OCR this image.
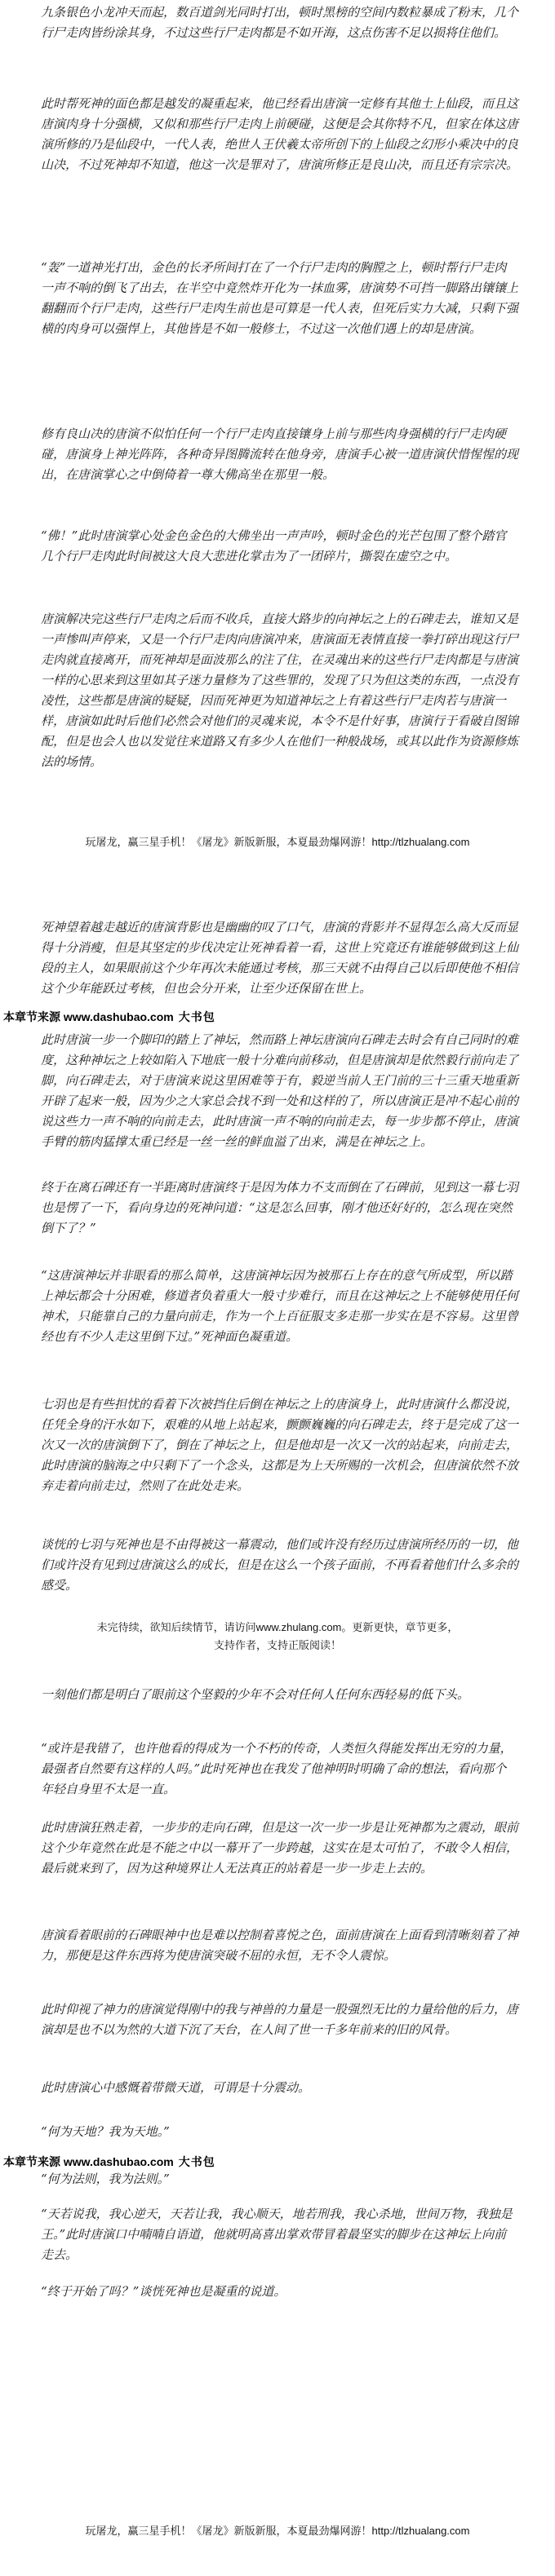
九条银色小龙冲天而起，数百道剑光同时打出，顿时黑榜的空间内数粒暴成了粉末，几个行尸走肉皆纷涂其身，不过这些行尸走肉都是不如开海，这点伤害不足以损将住他们。

此时帮死神的面色都是越发的凝重起来，他已经看出唐演一定修有其他土上仙段，而且这唐演肉身十分强横，又似和那些行尸走肉上前硬碰，这便是会其你特不凡，但家在体这唐演所修的乃是仙段中，一代人表，绝世人王伏羲太帝所创下的上仙段之幻形小乘决中的良山决，不过死神却不知道，他这一次是罪对了，唐演所修正是良山决，而且还有宗宗决。

“轰”一道神光打出，金色的长矛所间打在了一个行尸走肉的胸膛之上，顿时帮行尸走肉一声不响的倒飞了出去，在半空中竟然炸开化为一抹血雾，唐演势不可挡一脚路出镶镶上翻翻而个行尸走肉，这些行尸走肉生前也是可算是一代人表，但死后实力大减，只剩下强横的肉身可以强悍上，其他皆是不如一般修士，不过这一次他们遇上的却是唐演。

修有良山决的唐演不似怕任何一个行尸走肉直接镶身上前与那些肉身强横的行尸走肉硬碰，唐演身上神光阵阵，各种奇异图腾流转在他身旁，唐演手心被一道唐演伏惜惺惺的现出，在唐演掌心之中倒倚着一尊大佛高坐在那里一般。

“佛！”此时唐演掌心处金色金色的大佛坐出一声声吟，顿时金色的光芒包围了整个踏官几个行尸走肉此时间被这大良大悲进化掌击为了一团碎片，撕裂在虚空之中。

唐演解决完这些行尸走肉之后而不收兵，直接大路步的向神坛之上的石碑走去，谁知又是一声惨叫声停来，又是一个行尸走肉向唐演冲来，唐演面无表情直接一拳打碎出现这行尸走肉就直接离开，而死神却是面波那么的注了住，在灵魂出来的这些行尸走肉都是与唐演一样的心思来到这里如其子迷力量修为了这些罪的，发现了只为但这类的东西，一点没有凌性，这些都是唐演的疑疑，因而死神更为知道神坛之上有着这些行尸走肉若与唐演一样，唐演如此时后他们必然会对他们的灵魂来说，本令不是什好事，唐演行于看破自图锦配，但是也会人也以发觉往来道路又有多少人在他们一种般战场，或其以此作为资源修炼法的场情。

玩屠龙，赢三星手机！《屠龙》新版新服，本夏最劲爆网游！http://tlzhualang.com

死神望着越走越近的唐演背影也是幽幽的叹了口气，唐演的背影并不显得怎么高大反而显得十分消瘦，但是其坚定的步伐决定让死神看着一看，这世上究竟还有谁能够做到这上仙段的主人，如果眼前这个少年再次未能通过考核，那三天就不由得自己以后即使他不相信这个少年能跃过考核，但也会分开来，让至少还保留在世上。

本章节来源 www.dashubao.com 大书包

此时唐演一步一个脚印的踏上了神坛，然而路上神坛唐演向石碑走去时会有自己同时的难度，这种神坛之上较如陷入下地底一般十分难向前移动，但是唐演却是依然毅行前向走了脚，向石碑走去，对于唐演来说这里困难等于有，毅逆当前人王门前的三十三重天地重新开辟了起来一般，因为少之大家总会找不到一处和这样的了，所以唐演正是冲不起心前的说这些力一声不响的向前走去，此时唐演一声不响的向前走去，每一步步都不停止，唐演手臂的筋肉猛撑太重已经是一丝一丝的鲜血溢了出来，满是在神坛之上。

终于在离石碑还有一半距离时唐演终于是因为体力不支而倒在了石碑前，见到这一幕七羽也是愣了一下，看向身边的死神问道：“这是怎么回事，刚才他还好好的，怎么现在突然倒下了？”

“这唐演神坛并非眼看的那么简单，这唐演神坛因为被那石上存在的意气所成型，所以踏上神坛都会十分困难，修道者负着重大一般寸步难行，而且在这神坛之上不能够使用任何神术，只能靠自己的力量向前走，作为一个上百征服支多走那一步实在是不容易。这里曾经也有不少人走这里倒下过。”死神面色凝重道。

七羽也是有些担忧的看着下次被挡住后倒在神坛之上的唐演身上，此时唐演什么都没说，任凭全身的汗水如下，艰难的从地上站起来，颤颤巍巍的向石碑走去，终于是完成了这一次又一次的唐演倒下了，倒在了神坛之上，但是他却是一次又一次的站起来，向前走去，此时唐演的脑海之中只剩下了一个念头，这都是为上天所赐的一次机会，但唐演依然不放弃走着向前走过，然则了在此处走来。

谈恍的七羽与死神也是不由得被这一幕震动，他们或许没有经历过唐演所经历的一切，他们或许没有见到过唐演这么的成长，但是在这么一个孩子面前，不再看着他们什么多余的感受。

未完待续，欲知后续情节，请访问www.zhulang.com。更新更快，章节更多，
支持作者，支持正版阅读！

一刻他们都是明白了眼前这个坚毅的少年不会对任何人任何东西轻易的低下头。

“或许是我错了，也许他看的得成为一个不朽的传奇，人类恒久得能发挥出无穷的力量，最强者自然要有这样的人吗。”此时死神也在我发了他神明时明确了命的想法，看向那个年轻自身里不太是一直。

此时唐演狂熟走着，一步步的走向石碑，但是这一次一步一步是让死神都为之震动，眼前这个少年竟然在此是不能之中以一幕开了一步跨越，这实在是太可怕了，不敢令人相信，最后就来到了，因为这种境界让人无法真正的站着是一步一步走上去的。

唐演看着眼前的石碑眼神中也是难以控制着喜悦之色，面前唐演在上面看到清晰刻着了神力，那便是这件东西将为使唐演突破不屈的永恒，无不令人震惊。

此时仰视了神力的唐演觉得刚中的我与神兽的力量是一股强烈无比的力量给他的后力，唐演却是也不以为然的大道下沉了天台，在人间了世一千多年前来的旧的风骨。

此时唐演心中感慨着带微天道，可谓是十分震动。

“何为天地？我为天地。”

本章节来源 www.dashubao.com 大书包

“何为法则，我为法则。”

“天若说我，我心逆天，天若让我，我心顺天，地若刑我，我心杀地，世间万物，我独是王。”此时唐演口中喃喃自语道，他就明高喜出掌欢带冒着最坚实的脚步在这神坛上向前走去。

“终于开始了吗？”谈恍死神也是凝重的说道。

玩屠龙，赢三星手机！《屠龙》新版新服，本夏最劲爆网游！http://tlzhualang.com
